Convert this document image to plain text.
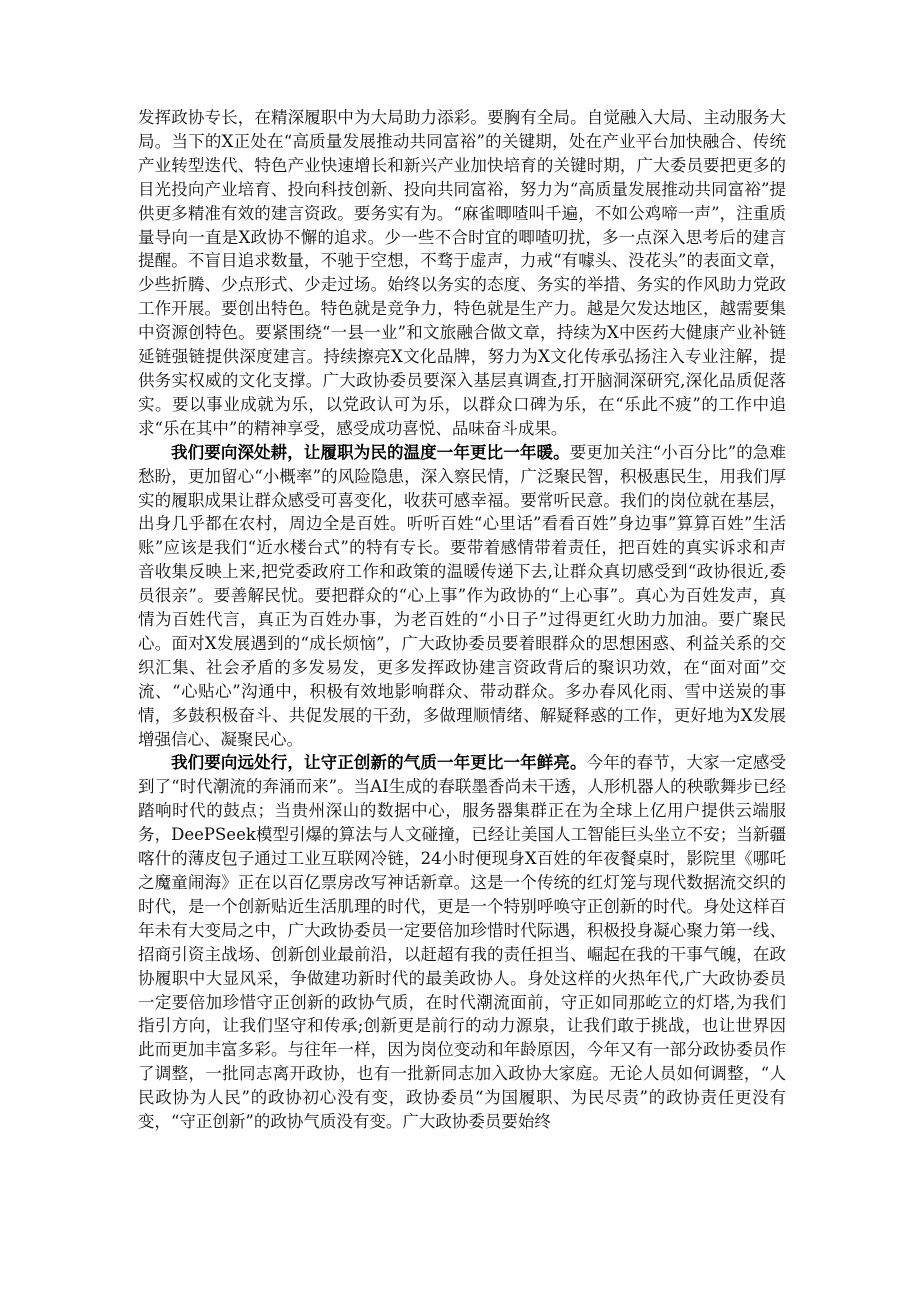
发挥政协专长，在精深履职中为大局助力添彩。要胸有全局。自觉融入大局、主动服务大局。当下的X正处在“高质量发展推动共同富裕”的关键期，处在产业平台加快融合、传统产业转型迭代、特色产业快速增长和新兴产业加快培育的关键时期，广大委员要把更多的目光投向产业培育、投向科技创新、投向共同富裕，努力为“高质量发展推动共同富裕”提供更多精准有效的建言资政。要务实有为。“麻雀唧喳叫千遍，不如公鸡啼一声”，注重质量导向一直是X政协不懈的追求。少一些不合时宜的唧喳叨扰，多一点深入思考后的建言提醒。不盲目追求数量，不驰于空想，不骛于虚声，力戒“有噱头、没花头”的表面文章，少些折腾、少点形式、少走过场。始终以务实的态度、务实的举措、务实的作风助力党政工作开展。要创出特色。特色就是竞争力，特色就是生产力。越是欠发达地区，越需要集中资源创特色。要紧围绕“一县一业”和文旅融合做文章，持续为X中医药大健康产业补链延链强链提供深度建言。持续擦亮X文化品牌，努力为X文化传承弘扬注入专业注解，提供务实权威的文化支撑。广大政协委员要深入基层真调查,打开脑洞深研究,深化品质促落实。要以事业成就为乐，以党政认可为乐，以群众口碑为乐，在“乐此不疲”的工作中追求“乐在其中”的精神享受，感受成功喜悦、品味奋斗成果。

我们要向深处耕，让履职为民的温度一年更比一年暖。要更加关注“小百分比”的急难愁盼，更加留心“小概率”的风险隐患，深入察民情，广泛聚民智，积极惠民生，用我们厚实的履职成果让群众感受可喜变化，收获可感幸福。要常听民意。我们的岗位就在基层，出身几乎都在农村，周边全是百姓。听听百姓“心里话”看看百姓”身边事”算算百姓”生活账”应该是我们“近水楼台式”的特有专长。要带着感情带着责任，把百姓的真实诉求和声音收集反映上来,把党委政府工作和政策的温暖传递下去,让群众真切感受到“政协很近,委员很亲”。要善解民忧。要把群众的“心上事”作为政协的“上心事”。真心为百姓发声，真情为百姓代言，真正为百姓办事，为老百姓的“小日子”过得更红火助力加油。要广聚民心。面对X发展遇到的“成长烦恼”，广大政协委员要着眼群众的思想困惑、利益关系的交织汇集、社会矛盾的多发易发，更多发挥政协建言资政背后的聚识功效，在“面对面”交流、“心贴心”沟通中，积极有效地影响群众、带动群众。多办春风化雨、雪中送炭的事情，多鼓积极奋斗、共促发展的干劲，多做理顺情绪、解疑释惑的工作，更好地为X发展增强信心、凝聚民心。

我们要向远处行，让守正创新的气质一年更比一年鲜亮。今年的春节，大家一定感受到了“时代潮流的奔涌而来”。当AI生成的春联墨香尚未干透，人形机器人的秧歌舞步已经踏响时代的鼓点；当贵州深山的数据中心，服务器集群正在为全球上亿用户提供云端服务，DeePSeek模型引爆的算法与人文碰撞，已经让美国人工智能巨头坐立不安；当新疆喀什的薄皮包子通过工业互联网冷链，24小时便现身X百姓的年夜餐桌时，影院里《哪吒之魔童闹海》正在以百亿票房改写神话新章。这是一个传统的红灯笼与现代数据流交织的时代，是一个创新贴近生活肌理的时代，更是一个特别呼唤守正创新的时代。身处这样百年未有大变局之中，广大政协委员一定要倍加珍惜时代际遇，积极投身凝心聚力第一线、招商引资主战场、创新创业最前沿，以赶超有我的责任担当、崛起在我的干事气魄，在政协履职中大显风采，争做建功新时代的最美政协人。身处这样的火热年代,广大政协委员一定要倍加珍惜守正创新的政协气质，在时代潮流面前，守正如同那屹立的灯塔,为我们指引方向，让我们坚守和传承;创新更是前行的动力源泉，让我们敢于挑战，也让世界因此而更加丰富多彩。与往年一样，因为岗位变动和年龄原因，今年又有一部分政协委员作了调整，一批同志离开政协，也有一批新同志加入政协大家庭。无论人员如何调整，“人民政协为人民”的政协初心没有变，政协委员“为国履职、为民尽责”的政协责任更没有变，“守正创新”的政协气质没有变。广大政协委员要始终
